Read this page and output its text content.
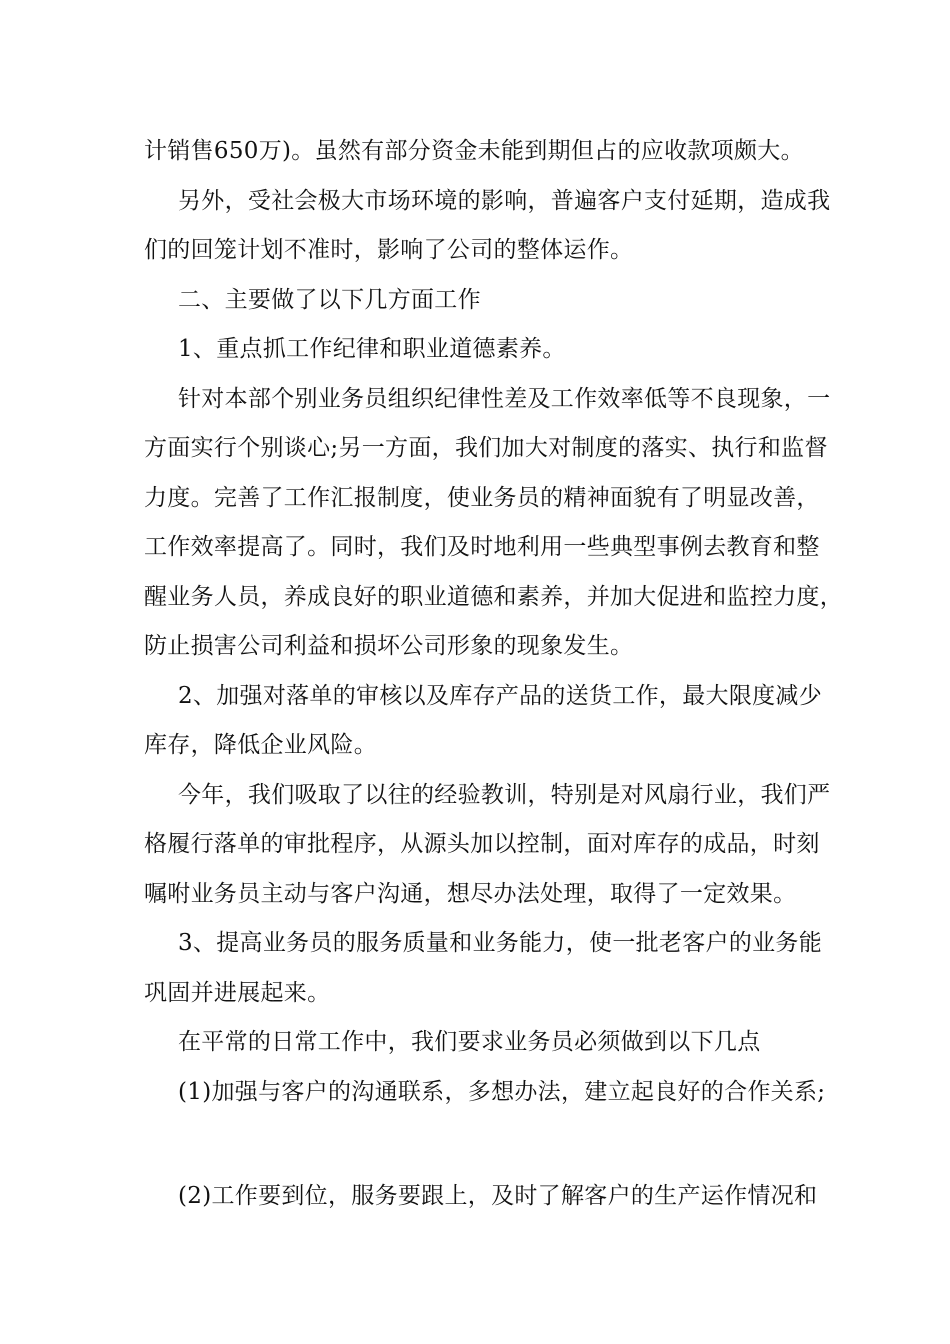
计销售650万)。虽然有部分资金未能到期但占的应收款项颇大。
另外，受社会极大市场环境的影响，普遍客户支付延期，造成我
们的回笼计划不准时，影响了公司的整体运作。
二、主要做了以下几方面工作
1、重点抓工作纪律和职业道德素养。
针对本部个别业务员组织纪律性差及工作效率低等不良现象，一
方面实行个别谈心;另一方面，我们加大对制度的落实、执行和监督
力度。完善了工作汇报制度，使业务员的精神面貌有了明显改善，
工作效率提高了。同时，我们及时地利用一些典型事例去教育和整
醒业务人员，养成良好的职业道德和素养，并加大促进和监控力度，
防止损害公司利益和损坏公司形象的现象发生。
2、加强对落单的审核以及库存产品的送货工作，最大限度减少
库存，降低企业风险。
今年，我们吸取了以往的经验教训，特别是对风扇行业，我们严
格履行落单的审批程序，从源头加以控制，面对库存的成品，时刻
嘱咐业务员主动与客户沟通，想尽办法处理，取得了一定效果。
3、提高业务员的服务质量和业务能力，使一批老客户的业务能
巩固并进展起来。
在平常的日常工作中，我们要求业务员必须做到以下几点
(1)加强与客户的沟通联系，多想办法，建立起良好的合作关系;
(2)工作要到位，服务要跟上，及时了解客户的生产运作情况和
